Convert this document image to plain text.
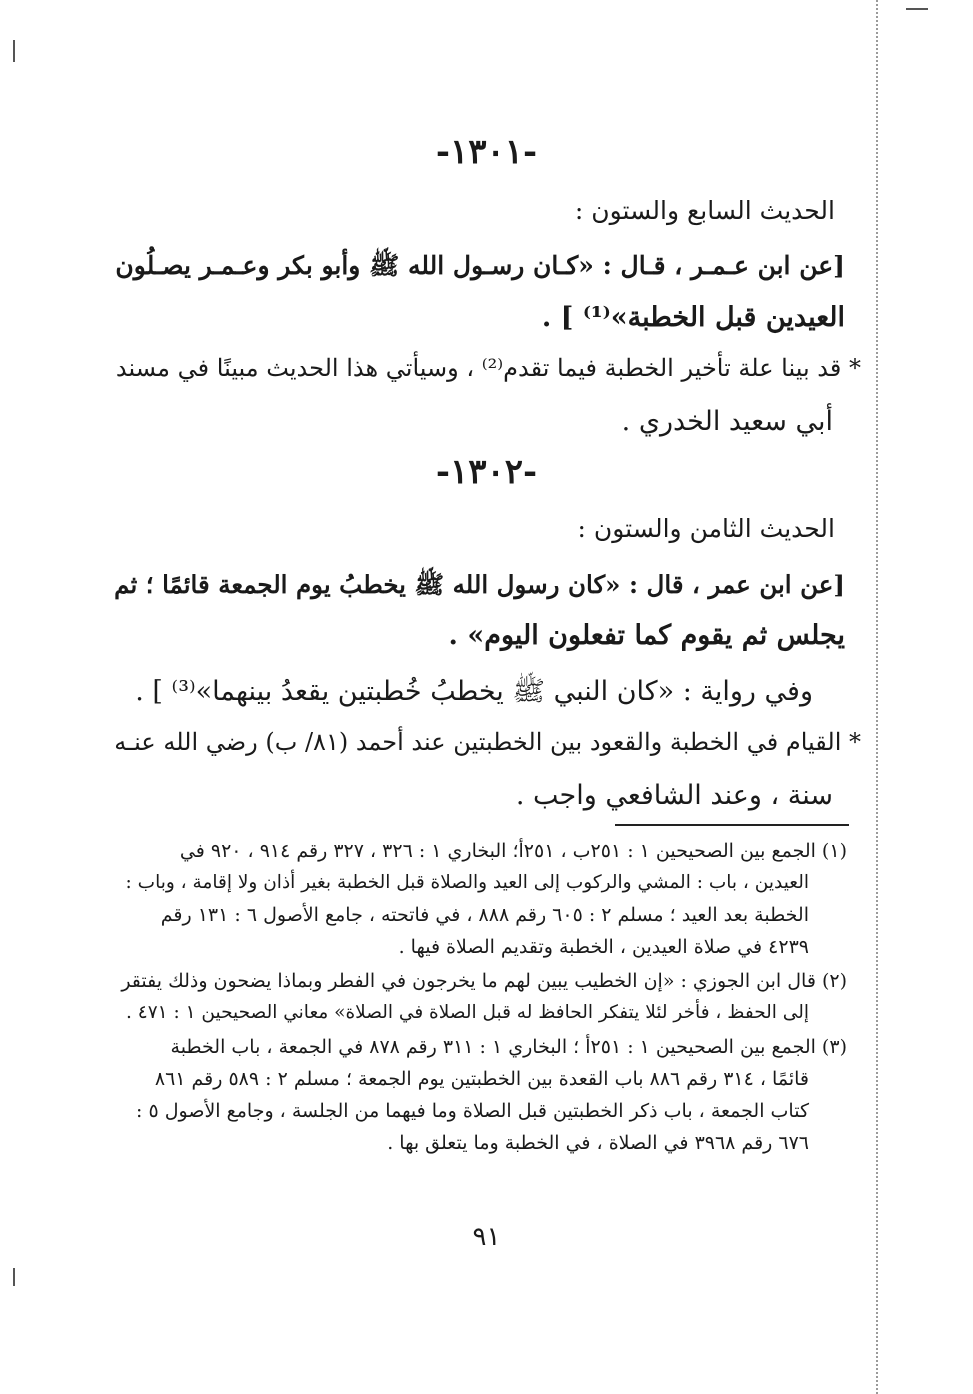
-١٣٠١-
الحديث السابع والستون :
[عن ابن عـمـر ، قـال : «كـان رسـول الله ﷺ وأبو بكر وعـمـر يصـلُون
العيدين قبل الخطبة»⁽¹⁾ ] .
* قد بينا علة تأخير الخطبة فيما تقدم⁽²⁾ ، وسيأتي هذا الحديث مبينًا في مسند
أبي سعيد الخدري .
-١٣٠٢-
الحديث الثامن والستون :
[عن ابن عمر ، قال : «كان رسول الله ﷺ يخطبُ يوم الجمعة قائمًا ؛ ثم
يجلس ثم يقوم كما تفعلون اليوم» .
وفي رواية : «كان النبي ﷺ يخطبُ خُطبتين يقعدُ بينهما»⁽³⁾ ] .
* القيام في الخطبة والقعود بين الخطبتين عند أحمد (٨١/ ب) رضي الله عنـه
سنة ، وعند الشافعي واجب .
(١) الجمع بين الصحيحين ١ : ٢٥١ب ، ٢٥١أ؛ البخاري ١ : ٣٢٦ ، ٣٢٧ رقم ٩١٤ ، ٩٢٠ في
العيدين ، باب : المشي والركوب إلى العيد والصلاة قبل الخطبة بغير أذان ولا إقامة ، وباب :
الخطبة بعد العيد ؛ مسلم ٢ : ٦٠٥ رقم ٨٨٨ ، في فاتحته ، جامع الأصول ٦ : ١٣١ رقم
٤٢٣٩ في صلاة العيدين ، الخطبة وتقديم الصلاة فيها .
(٢) قال ابن الجوزي : «إن الخطيب يبين لهم ما يخرجون في الفطر وبماذا يضحون وذلك يفتقر
إلى الحفظ ، فأخر لئلا يتفكر الحافظ له قبل الصلاة في الصلاة» معاني الصحيحين ١ : ٤٧١ .
(٣) الجمع بين الصحيحين ١ : ٢٥١أ ؛ البخاري ١ : ٣١١ رقم ٨٧٨ في الجمعة ، باب الخطبة
قائمًا ، ٣١٤ رقم ٨٨٦ باب القعدة بين الخطبتين يوم الجمعة ؛ مسلم ٢ : ٥٨٩ رقم ٨٦١
كتاب الجمعة ، باب ذكر الخطبتين قبل الصلاة وما فيهما من الجلسة ، وجامع الأصول ٥ :
٦٧٦ رقم ٣٩٦٨ في الصلاة ، في الخطبة وما يتعلق بها .
٩١
